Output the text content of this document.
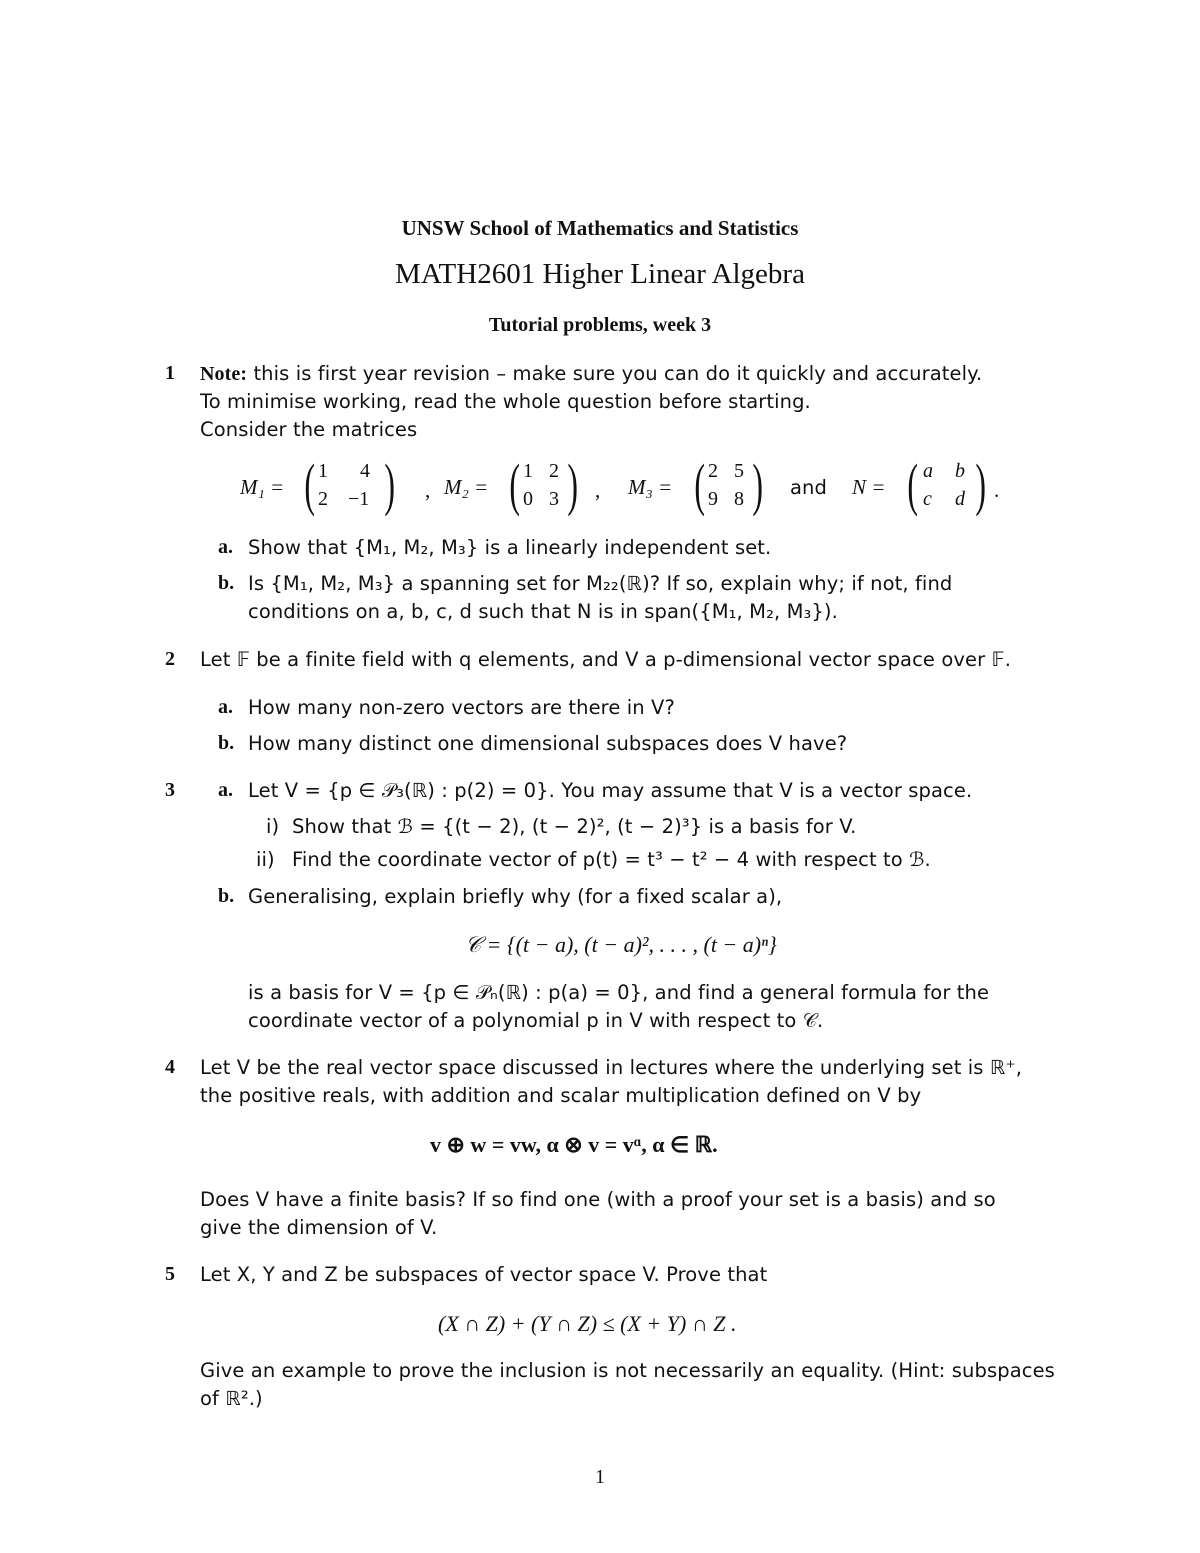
UNSW School of Mathematics and Statistics
MATH2601 Higher Linear Algebra
Tutorial problems, week 3
1 Note: this is first year revision – make sure you can do it quickly and accurately.
To minimise working, read the whole question before starting.
Consider the matrices
M₁ = ( 1 4
2 −1 ) , M₂ = ( 1 2
0 3 ) , M₃ = ( 2 5
9 8 ) and N = ( a b
c d ) .
a. Show that {M₁, M₂, M₃} is a linearly independent set.
b. Is {M₁, M₂, M₃} a spanning set for M₂₂(ℝ)? If so, explain why; if not, find
conditions on a, b, c, d such that N is in span({M₁, M₂, M₃}).
2 Let 𝔽 be a finite field with q elements, and V a p-dimensional vector space over 𝔽.
a. How many non-zero vectors are there in V?
b. How many distinct one dimensional subspaces does V have?
3 a. Let V = {p ∈ 𝒫₃(ℝ) : p(2) = 0}. You may assume that V is a vector space.
i) Show that ℬ = {(t − 2), (t − 2)², (t − 2)³} is a basis for V.
ii) Find the coordinate vector of p(t) = t³ − t² − 4 with respect to ℬ.
b. Generalising, explain briefly why (for a fixed scalar a),
𝒞 = {(t − a), (t − a)², . . . , (t − a)ⁿ}
is a basis for V = {p ∈ 𝒫ₙ(ℝ) : p(a) = 0}, and find a general formula for the
coordinate vector of a polynomial p in V with respect to 𝒞.
4 Let V be the real vector space discussed in lectures where the underlying set is ℝ⁺,
the positive reals, with addition and scalar multiplication defined on V by
v ⊕ w = vw, α ⊗ v = vᵅ, α ∈ ℝ.
Does V have a finite basis? If so find one (with a proof your set is a basis) and so
give the dimension of V.
5 Let X, Y and Z be subspaces of vector space V. Prove that
(X ∩ Z) + (Y ∩ Z) ≤ (X + Y) ∩ Z .
Give an example to prove the inclusion is not necessarily an equality. (Hint: subspaces
of ℝ².)
1
